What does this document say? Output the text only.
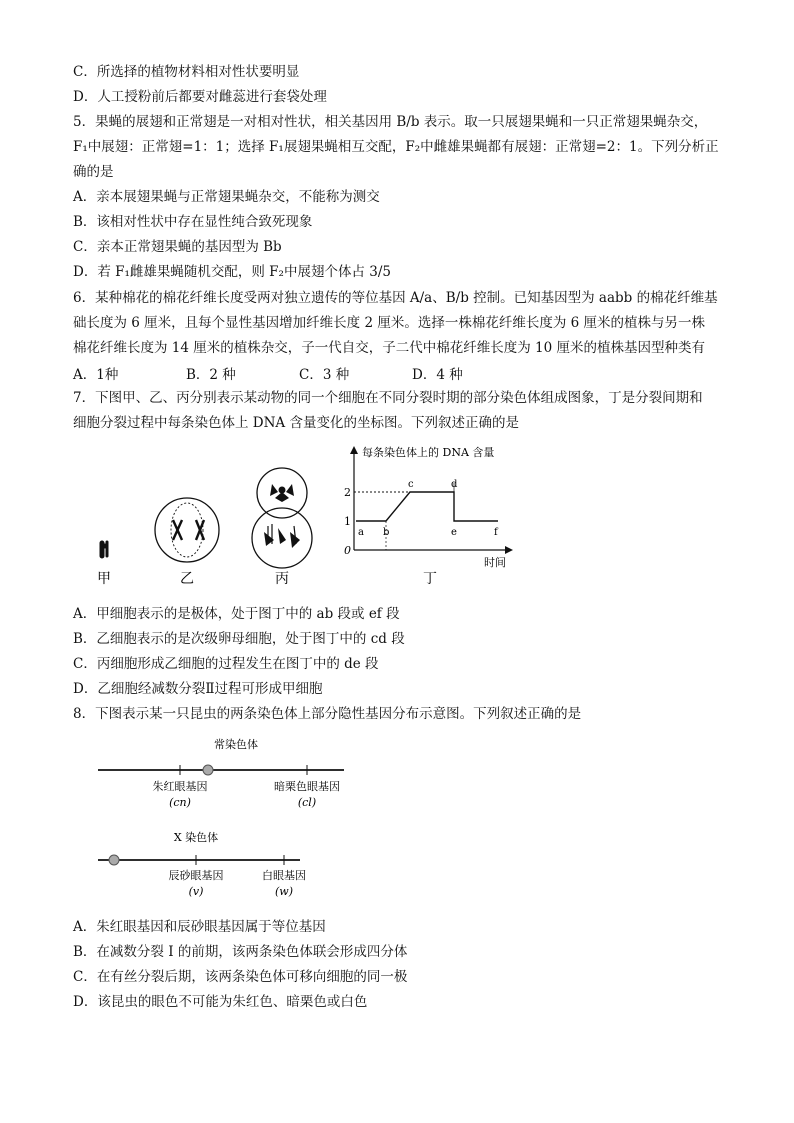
C．所选择的植物材料相对性状要明显
D．人工授粉前后都要对雌蕊进行套袋处理
5．果蝇的展翅和正常翅是一对相对性状，相关基因用 B/b 表示。取一只展翅果蝇和一只正常翅果蝇杂交，
F₁中展翅：正常翅=1：1；选择 F₁展翅果蝇相互交配，F₂中雌雄果蝇都有展翅：正常翅=2：1。下列分析正
确的是
A．亲本展翅果蝇与正常翅果蝇杂交，不能称为测交
B．该相对性状中存在显性纯合致死现象
C．亲本正常翅果蝇的基因型为 Bb
D．若 F₁雌雄果蝇随机交配，则 F₂中展翅个体占 3/5
6．某种棉花的棉花纤维长度受两对独立遗传的等位基因 A/a、B/b 控制。已知基因型为 aabb 的棉花纤维基
础长度为 6 厘米，且每个显性基因增加纤维长度 2 厘米。选择一株棉花纤维长度为 6 厘米的植株与另一株
棉花纤维长度为 14 厘米的植株杂交，子一代自交，子二代中棉花纤维长度为 10 厘米的植株基因型种类有
A．1种	B．2 种	C．3 种	D．4 种
7．下图甲、乙、丙分别表示某动物的同一个细胞在不同分裂时期的部分染色体组成图象，丁是分裂间期和
细胞分裂过程中每条染色体上 DNA 含量变化的坐标图。下列叙述正确的是
甲	乙	丙
每条染色体上的 DNA 含量
0
2
1
a b
c	d
e	f
时间
丁
A．甲细胞表示的是极体，处于图丁中的 ab 段或 ef 段
B．乙细胞表示的是次级卵母细胞，处于图丁中的 cd 段
C．丙细胞形成乙细胞的过程发生在图丁中的 de 段
D．乙细胞经减数分裂Ⅱ过程可形成甲细胞
8．下图表示某一只昆虫的两条染色体上部分隐性基因分布示意图。下列叙述正确的是
常染色体
朱红眼基因
(cn)
暗栗色眼基因
(cl)
X 染色体
辰砂眼基因
(v)
白眼基因
(w)
A．朱红眼基因和辰砂眼基因属于等位基因
B．在减数分裂 I 的前期，该两条染色体联会形成四分体
C．在有丝分裂后期，该两条染色体可移向细胞的同一极
D．该昆虫的眼色不可能为朱红色、暗栗色或白色
